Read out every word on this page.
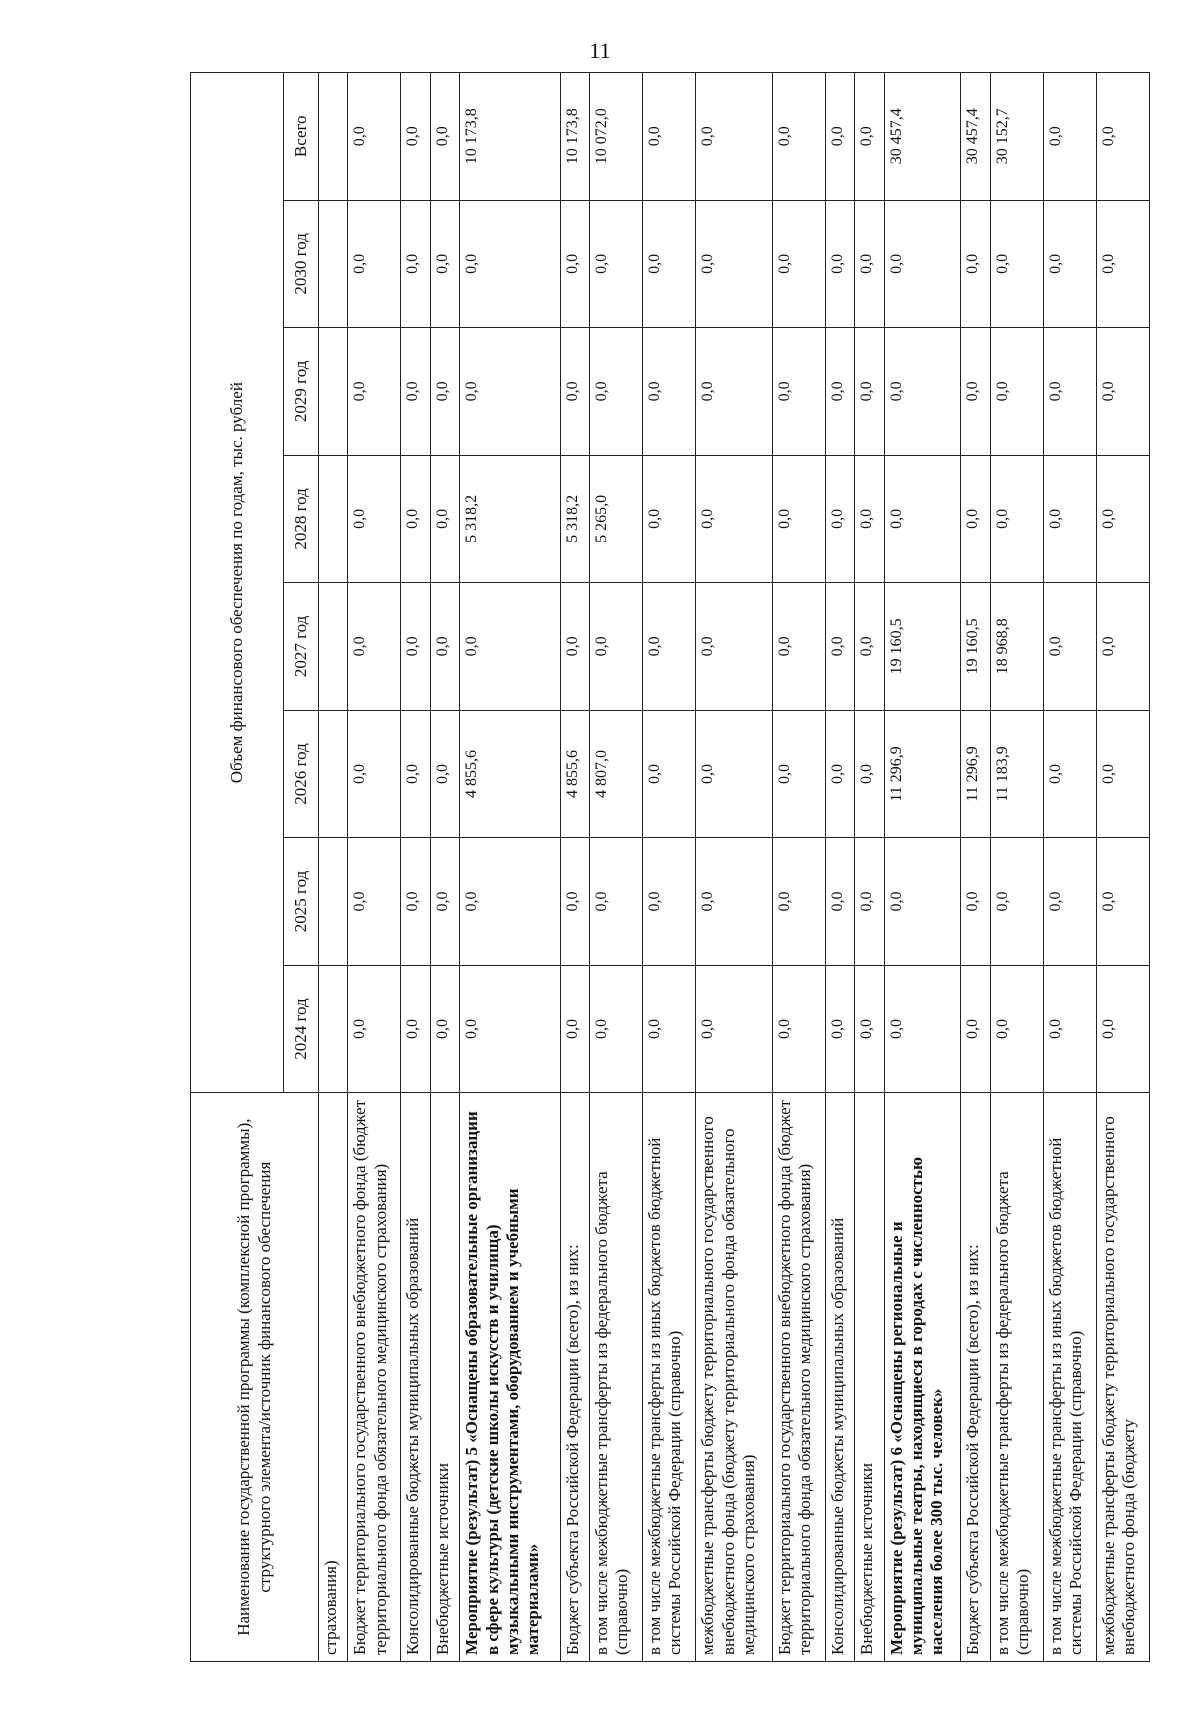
11
Наименование государственной программы (комплексной программы), структурного элемента/источник финансового обеспечения	Объем финансового обеспечения по годам, тыс. рублей							
	2024 год	2025 год	2026 год	2027 год	2028 год	2029 год	2030 год	Всего
страхования)								
Бюджет территориального государственного внебюджетного фонда (бюджет территориального фонда обязательного медицинского страхования)	0,0	0,0	0,0	0,0	0,0	0,0	0,0	0,0
Консолидированные бюджеты муниципальных образований	0,0	0,0	0,0	0,0	0,0	0,0	0,0	0,0
Внебюджетные источники	0,0	0,0	0,0	0,0	0,0	0,0	0,0	0,0
Мероприятие (результат) 5 «Оснащены образовательные организации в сфере культуры (детские школы искусств и училища) музыкальными инструментами, оборудованием и учебными материалами»	0,0	0,0	4 855,6	0,0	5 318,2	0,0	0,0	10 173,8
Бюджет субъекта Российской Федерации (всего), из них:	0,0	0,0	4 855,6	0,0	5 318,2	0,0	0,0	10 173,8
в том числе межбюджетные трансферты из федерального бюджета (справочно)	0,0	0,0	4 807,0	0,0	5 265,0	0,0	0,0	10 072,0
в том числе межбюджетные трансферты из иных бюджетов бюджетной системы Российской Федерации (справочно)	0,0	0,0	0,0	0,0	0,0	0,0	0,0	0,0
межбюджетные трансферты бюджету территориального государственного внебюджетного фонда (бюджету территориального фонда обязательного медицинского страхования)	0,0	0,0	0,0	0,0	0,0	0,0	0,0	0,0
Бюджет территориального государственного внебюджетного фонда (бюджет территориального фонда обязательного медицинского страхования)	0,0	0,0	0,0	0,0	0,0	0,0	0,0	0,0
Консолидированные бюджеты муниципальных образований	0,0	0,0	0,0	0,0	0,0	0,0	0,0	0,0
Внебюджетные источники	0,0	0,0	0,0	0,0	0,0	0,0	0,0	0,0
Мероприятие (результат) 6 «Оснащены региональные и муниципальные театры, находящиеся в городах с численностью населения более 300 тыс. человек»	0,0	0,0	11 296,9	19 160,5	0,0	0,0	0,0	30 457,4
Бюджет субъекта Российской Федерации (всего), из них:	0,0	0,0	11 296,9	19 160,5	0,0	0,0	0,0	30 457,4
в том числе межбюджетные трансферты из федерального бюджета (справочно)	0,0	0,0	11 183,9	18 968,8	0,0	0,0	0,0	30 152,7
в том числе межбюджетные трансферты из иных бюджетов бюджетной системы Российской Федерации (справочно)	0,0	0,0	0,0	0,0	0,0	0,0	0,0	0,0
межбюджетные трансферты бюджету территориального государственного внебюджетного фонда (бюджету	0,0	0,0	0,0	0,0	0,0	0,0	0,0	0,0
